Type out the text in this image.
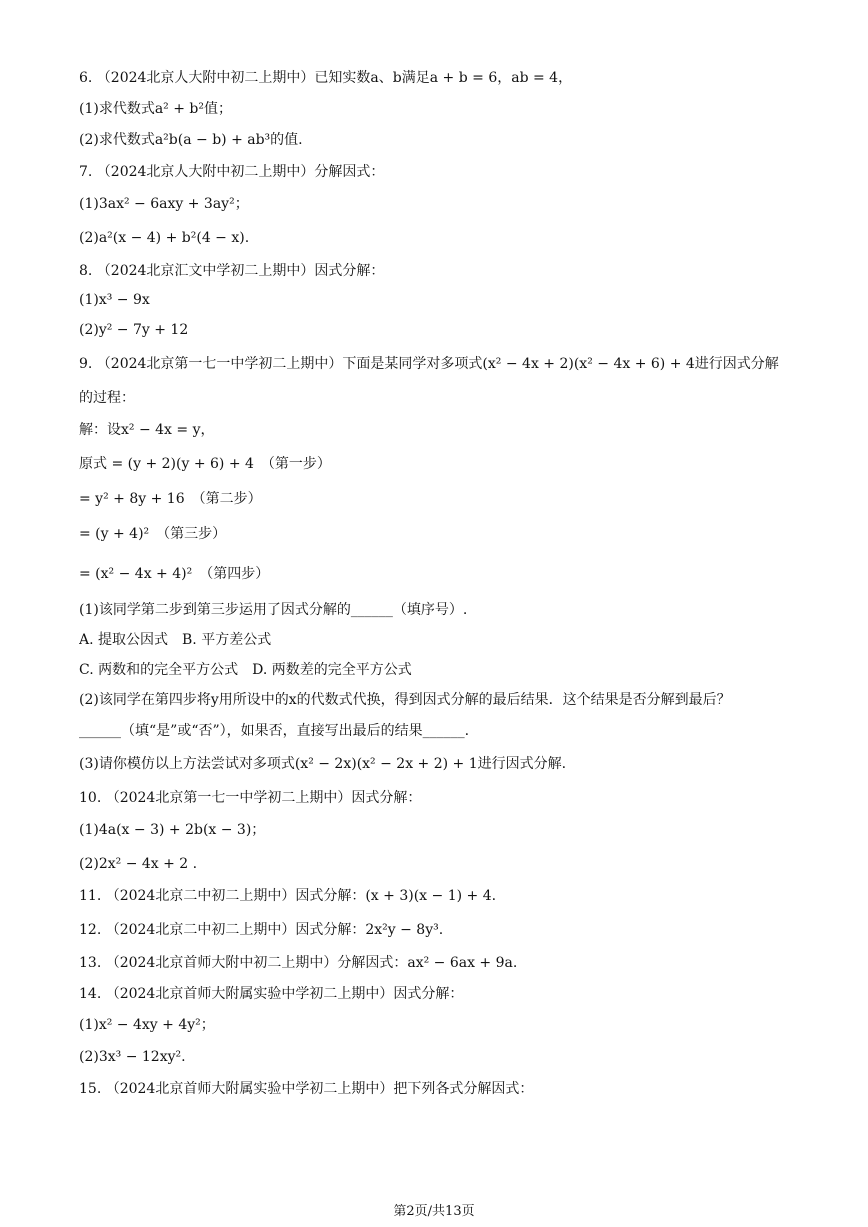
6. （2024北京人大附中初二上期中）已知实数a、b满足a + b = 6，ab = 4，
(1)求代数式a² + b²值；
(2)求代数式a²b(a − b) + ab³的值.
7. （2024北京人大附中初二上期中）分解因式：
(1)3ax² − 6axy + 3ay²；
(2)a²(x − 4) + b²(4 − x).
8. （2024北京汇文中学初二上期中）因式分解：
(1)x³ − 9x
(2)y² − 7y + 12
9. （2024北京第一七一中学初二上期中）下面是某同学对多项式(x² − 4x + 2)(x² − 4x + 6) + 4进行因式分解
的过程：
解：设x² − 4x = y，
原式 = (y + 2)(y + 6) + 4　（第一步）
= y² + 8y + 16　（第二步）
= (y + 4)²　（第三步）
= (x² − 4x + 4)²　（第四步）
(1)该同学第二步到第三步运用了因式分解的______（填序号）.
A. 提取公因式　B. 平方差公式
C. 两数和的完全平方公式　D. 两数差的完全平方公式
(2)该同学在第四步将y用所设中的x的代数式代换，得到因式分解的最后结果．这个结果是否分解到最后？
______（填“是”或“否”），如果否，直接写出最后的结果______.
(3)请你模仿以上方法尝试对多项式(x² − 2x)(x² − 2x + 2) + 1进行因式分解.
10. （2024北京第一七一中学初二上期中）因式分解：
(1)4a(x − 3) + 2b(x − 3)；
(2)2x² − 4x + 2 .
11. （2024北京二中初二上期中）因式分解：(x + 3)(x − 1) + 4.
12. （2024北京二中初二上期中）因式分解：2x²y − 8y³.
13. （2024北京首师大附中初二上期中）分解因式：ax² − 6ax + 9a.
14. （2024北京首师大附属实验中学初二上期中）因式分解：
(1)x² − 4xy + 4y²；
(2)3x³ − 12xy².
15. （2024北京首师大附属实验中学初二上期中）把下列各式分解因式：
第2页/共13页
